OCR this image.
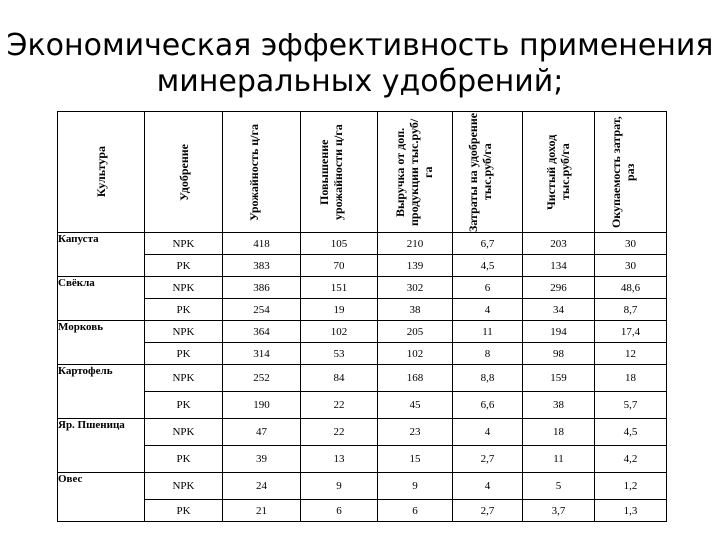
Экономическая эффективность применения минеральных удобрений;
Культура	Удобрение	Урожайность ц/га	Повышение урожайности ц/га	Выручка от доп. продукции тыс.руб/га	Затраты на удобрение тыс.руб/га	Чистый доход тыс.руб/га	Окупаемость затрат, раз

Капуста	NPK	418	105	210	6,7	203	30
	PK	383	70	139	4,5	134	30
Свёкла	NPK	386	151	302	6	296	48,6
	PK	254	19	38	4	34	8,7
Морковь	NPK	364	102	205	11	194	17,4
	PK	314	53	102	8	98	12
Картофель	NPK	252	84	168	8,8	159	18
	PK	190	22	45	6,6	38	5,7
Яр. Пшеница	NPK	47	22	23	4	18	4,5
	PK	39	13	15	2,7	11	4,2
Овес	NPK	24	9	9	4	5	1,2
	PK	21	6	6	2,7	3,7	1,3
